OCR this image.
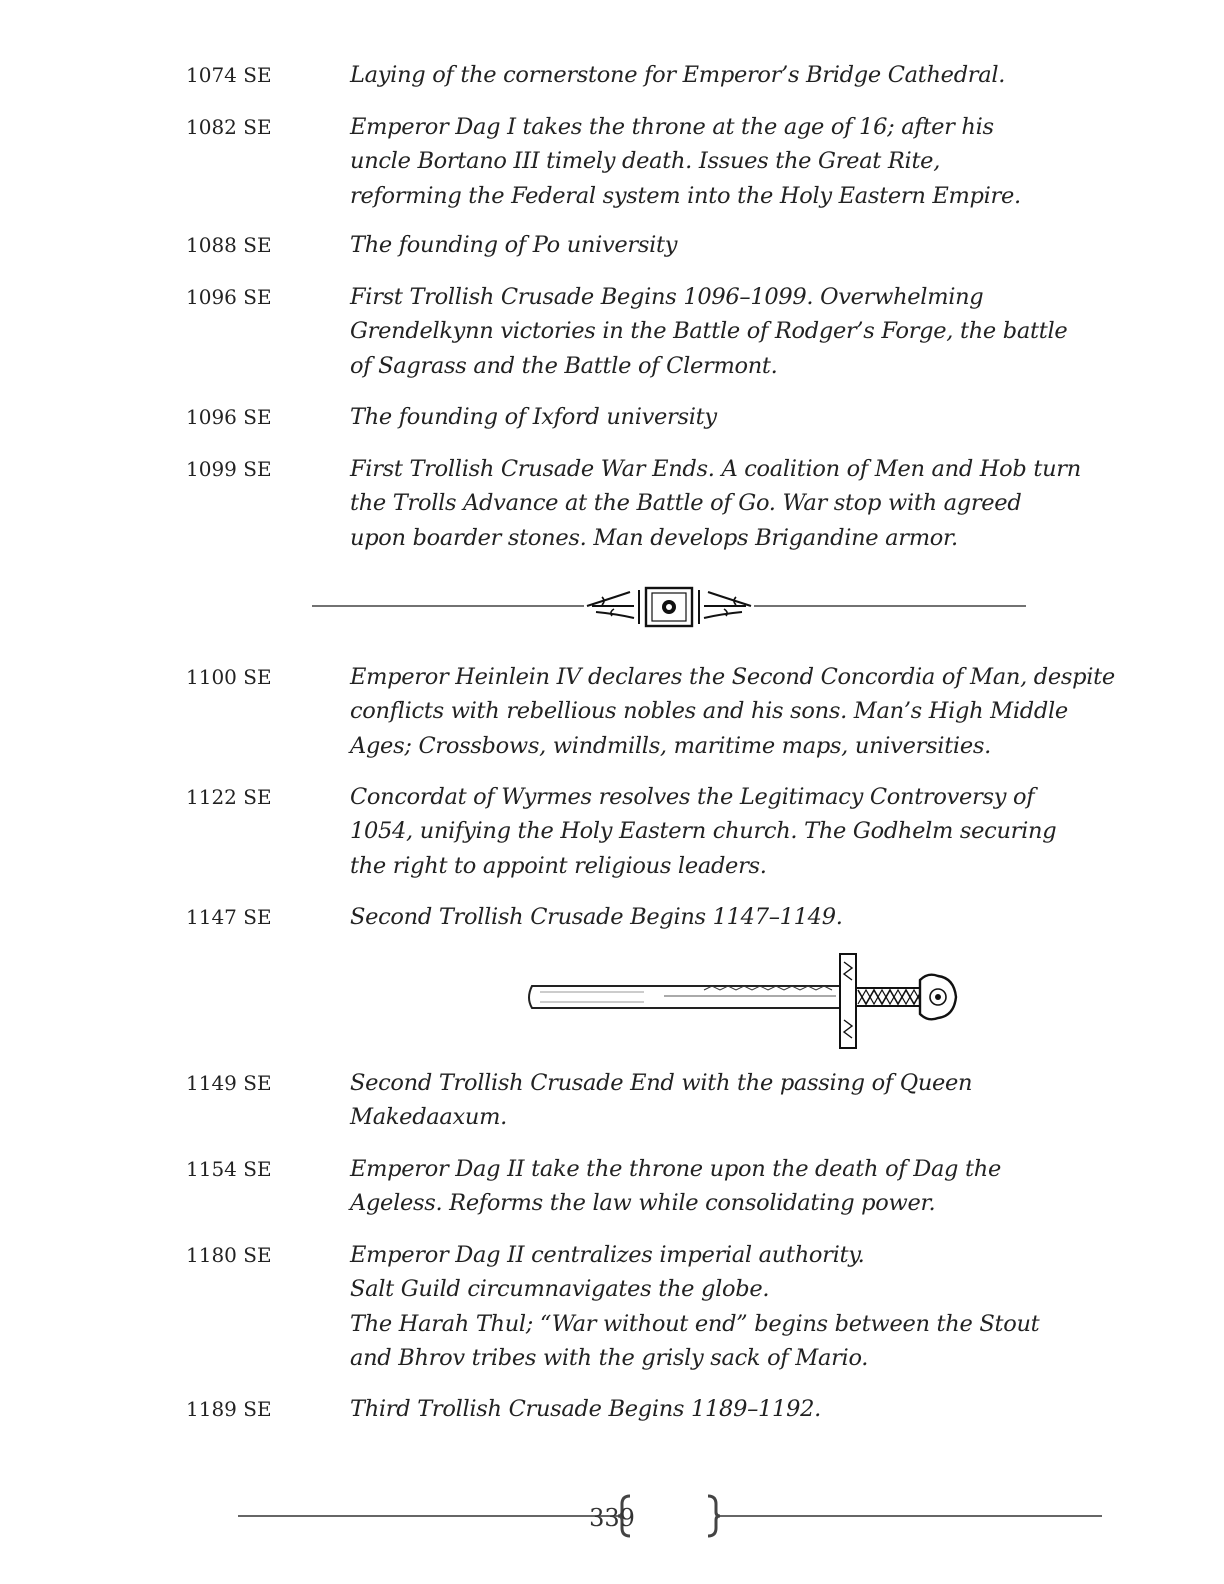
1074 SE	Laying of the cornerstone for Emperor’s Bridge Cathedral.
1082 SE	Emperor Dag I takes the throne at the age of 16; after his
uncle Bortano III timely death. Issues the Great Rite,
reforming the Federal system into the Holy Eastern Empire.
1088 SE	The founding of Po university
1096 SE	First Trollish Crusade Begins 1096–1099. Overwhelming
Grendelkynn victories in the Battle of Rodger’s Forge, the battle
of Sagrass and the Battle of Clermont.
1096 SE	The founding of Ixford university
1099 SE	First Trollish Crusade War Ends. A coalition of Men and Hob turn
the Trolls Advance at the Battle of Go. War stop with agreed
upon boarder stones. Man develops Brigandine armor.
1100 SE	Emperor Heinlein IV declares the Second Concordia of Man, despite
conflicts with rebellious nobles and his sons. Man’s High Middle
Ages; Crossbows, windmills, maritime maps, universities.
1122 SE	Concordat of Wyrmes resolves the Legitimacy Controversy of
1054, unifying the Holy Eastern church. The Godhelm securing
the right to appoint religious leaders.
1147 SE	Second Trollish Crusade Begins 1147–1149.
1149 SE	Second Trollish Crusade End with the passing of Queen
Makedaaxum.
1154 SE	Emperor Dag II take the throne upon the death of Dag the
Ageless. Reforms the law while consolidating power.
1180 SE	Emperor Dag II centralizes imperial authority.
Salt Guild circumnavigates the globe.
The Harah Thul; “War without end” begins between the Stout
and Bhrov tribes with the grisly sack of Mario.
1189 SE	Third Trollish Crusade Begins 1189–1192.
339
